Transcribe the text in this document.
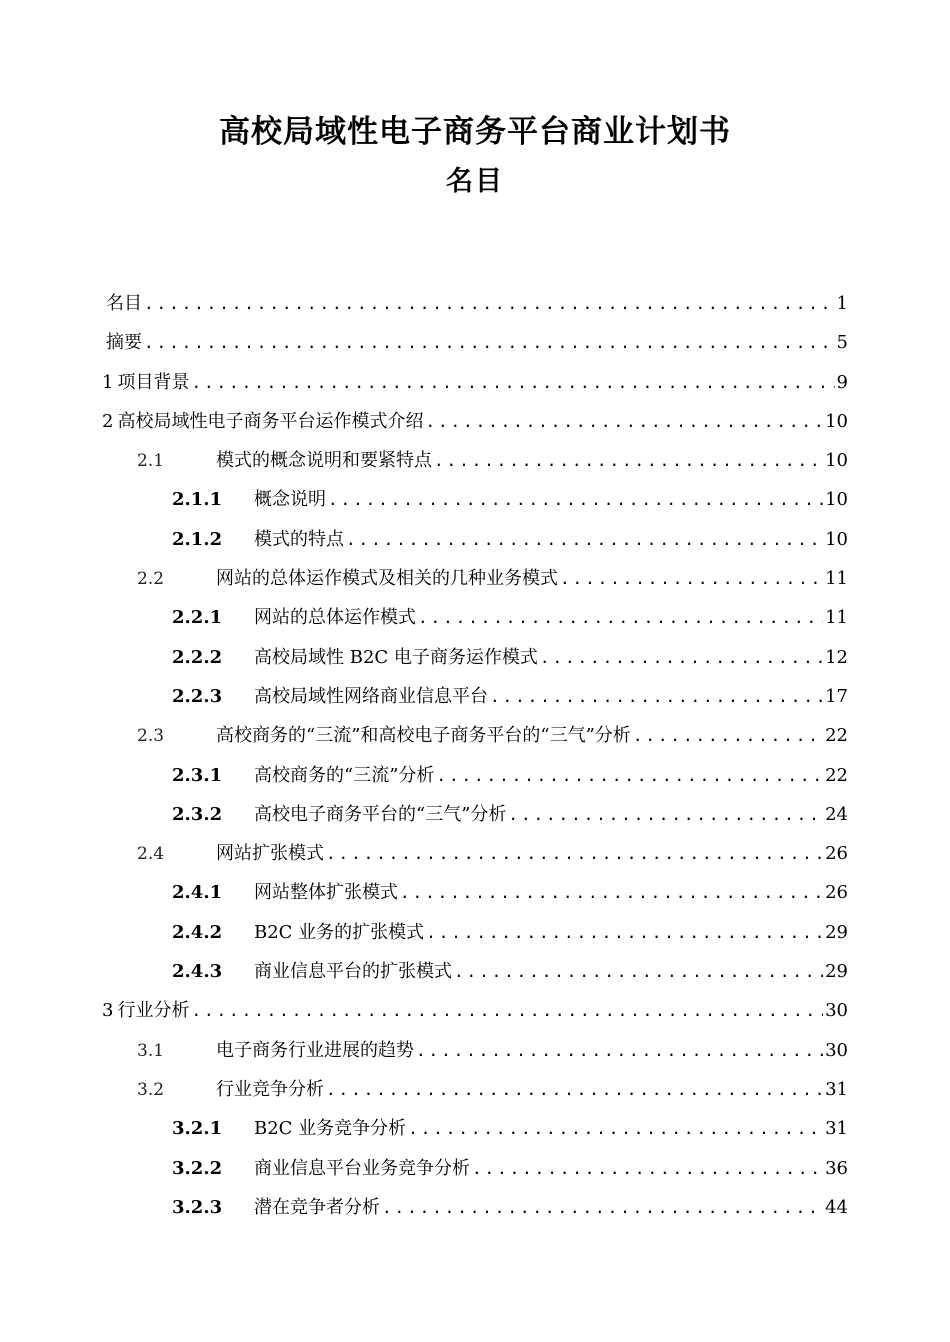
高校局域性电子商务平台商业计划书
名目
名目 .....	1
摘要 .....	5
1 项目背景 .....	9
2 高校局域性电子商务平台运作模式介绍 .....	10
2.1	模式的概念说明和要紧特点 .....	10
2.1.1	概念说明 .....	10
2.1.2	模式的特点 .....	10
2.2	网站的总体运作模式及相关的几种业务模式 .....	11
2.2.1	网站的总体运作模式 .....	11
2.2.2	高校局域性 B2C 电子商务运作模式 .....	12
2.2.3	高校局域性网络商业信息平台 .....	17
2.3	高校商务的“三流”和高校电子商务平台的“三气”分析 .....	22
2.3.1	高校商务的“三流”分析 .....	22
2.3.2	高校电子商务平台的“三气”分析 .....	24
2.4	网站扩张模式 .....	26
2.4.1	网站整体扩张模式 .....	26
2.4.2	B2C 业务的扩张模式 .....	29
2.4.3	商业信息平台的扩张模式 .....	29
3 行业分析 .....	30
3.1	电子商务行业进展的趋势 .....	30
3.2	行业竞争分析 .....	31
3.2.1	B2C 业务竞争分析 .....	31
3.2.2	商业信息平台业务竞争分析 .....	36
3.2.3	潜在竞争者分析 .....	44
